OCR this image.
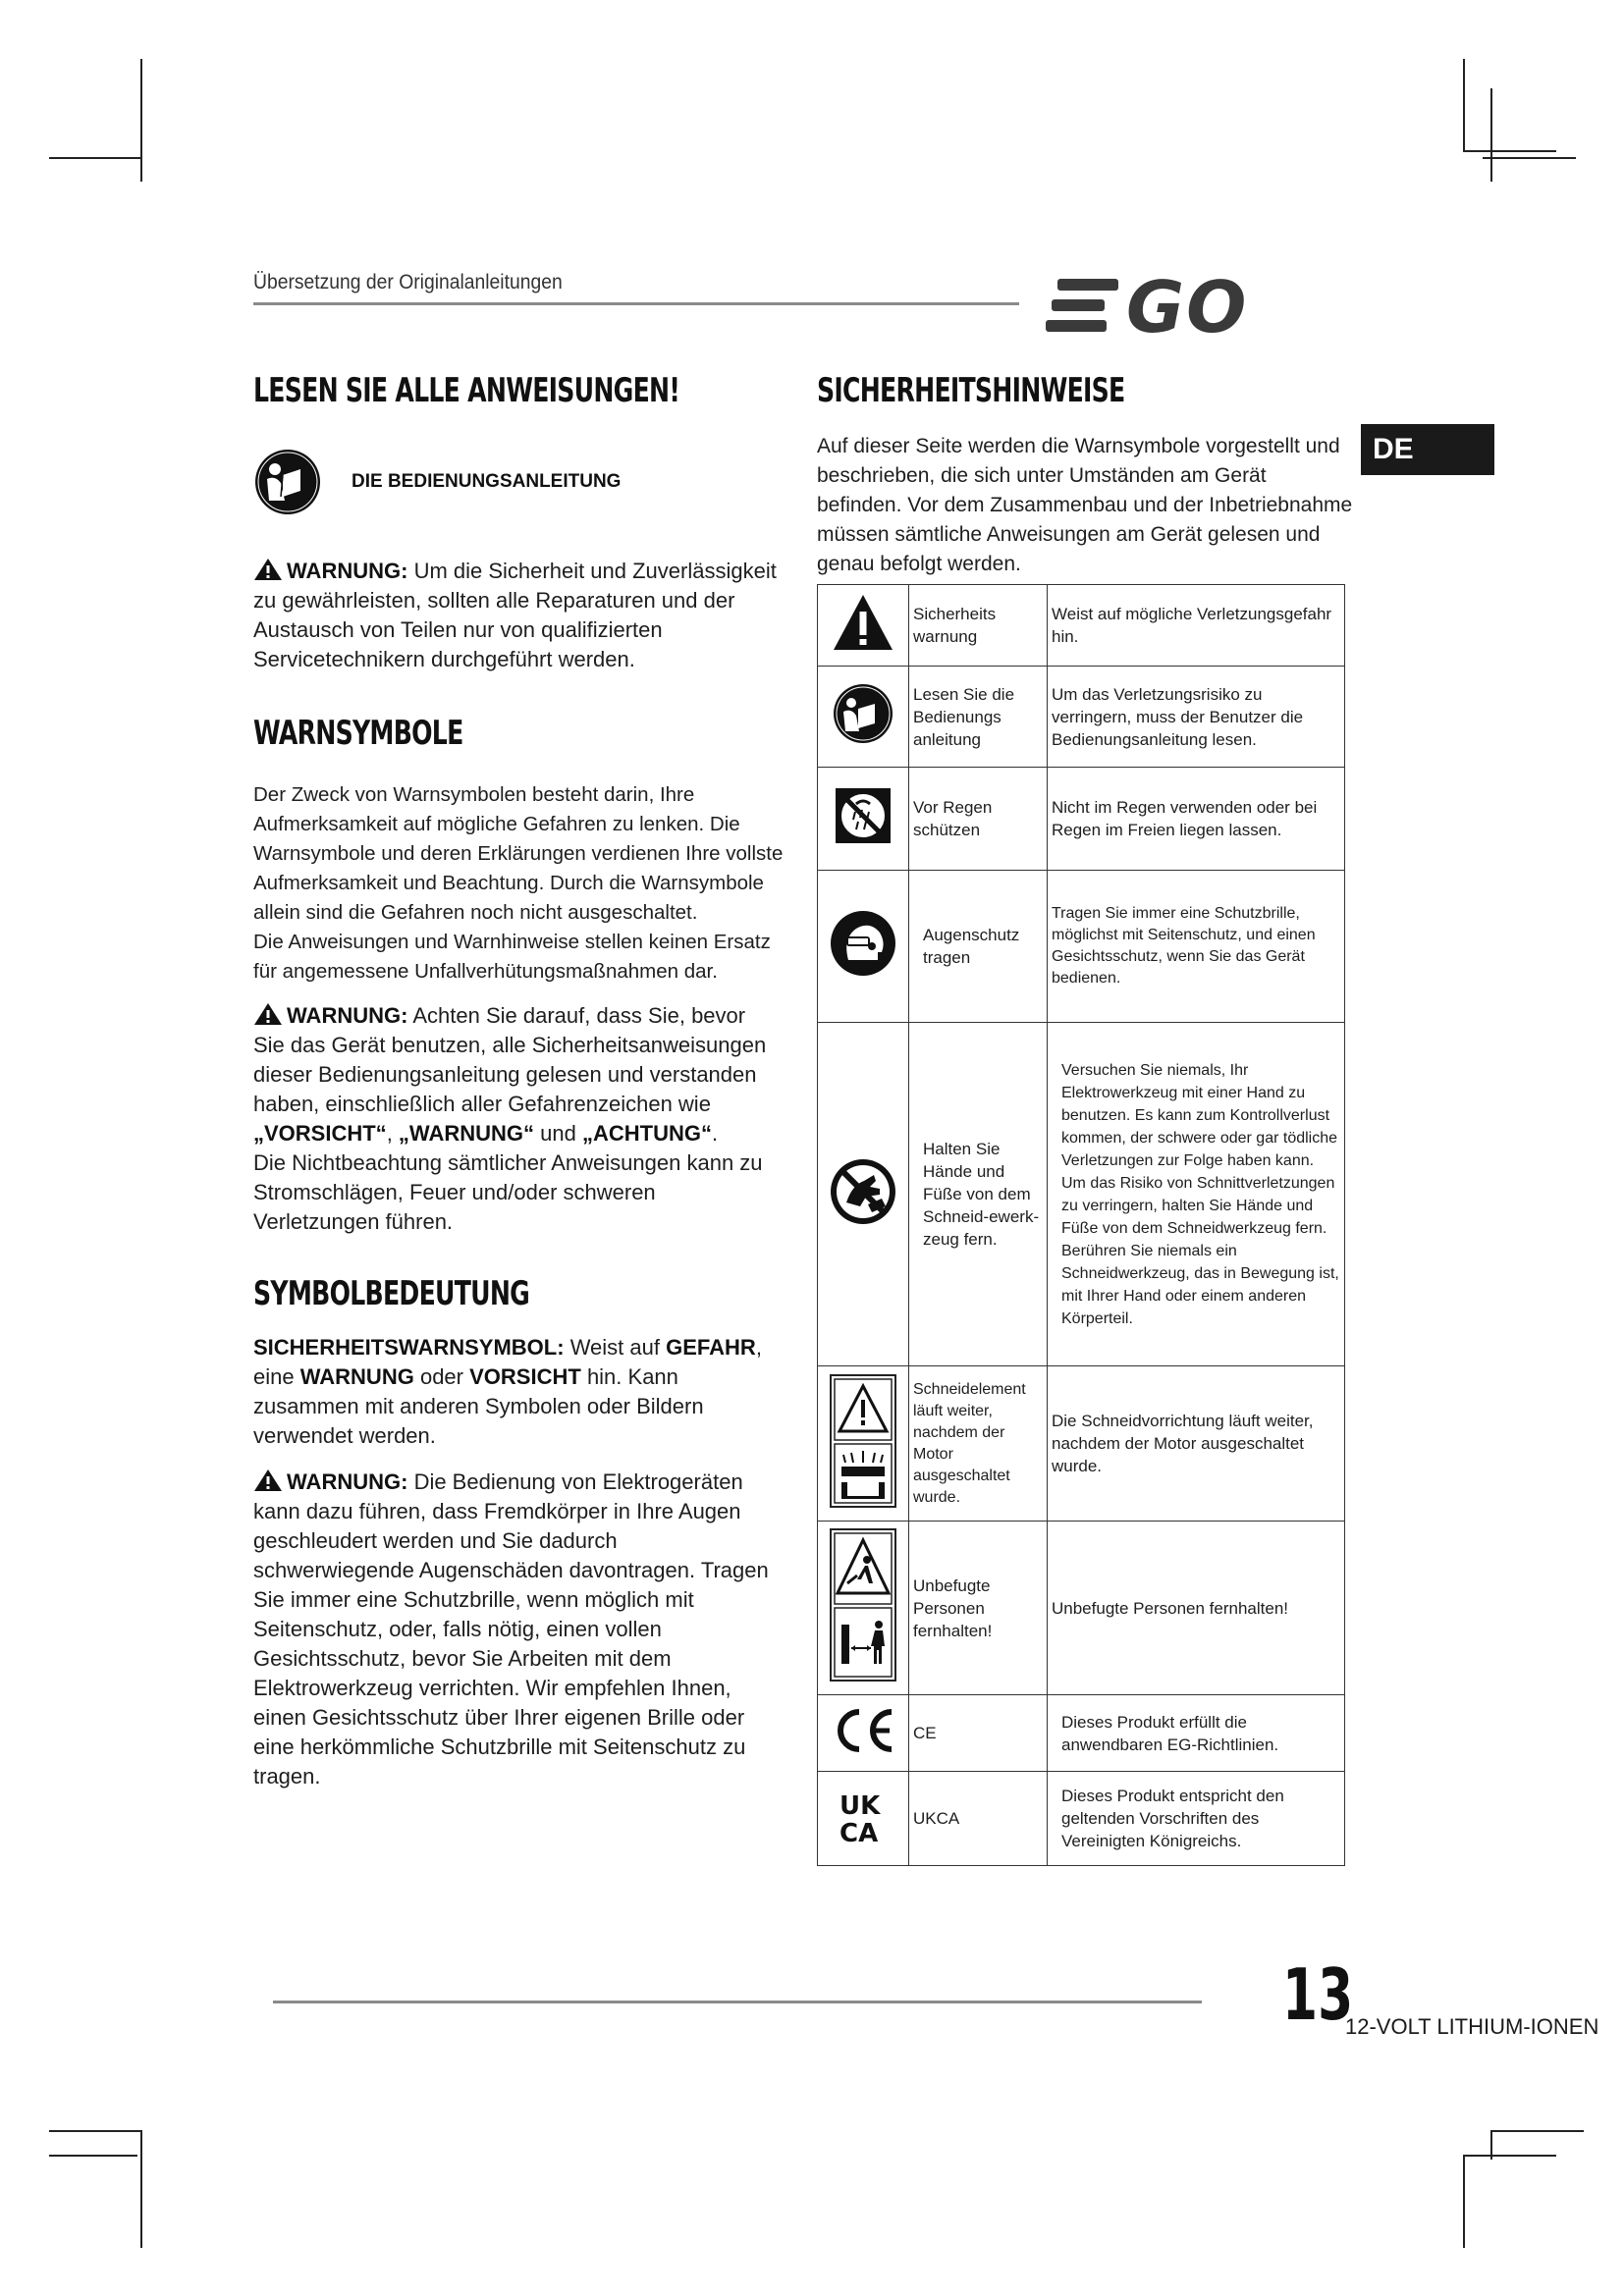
Übersetzung der Originalanleitungen	GO
DE
LESEN SIE ALLE ANWEISUNGEN!
DIE BEDIENUNGSANLEITUNG
WARNUNG: Um die Sicherheit und Zuverlässigkeit zu gewährleisten, sollten alle Reparaturen und der Austausch von Teilen nur von qualifizierten Servicetechnikern durchgeführt werden.
WARNSYMBOLE
Der Zweck von Warnsymbolen besteht darin, Ihre Aufmerksamkeit auf mögliche Gefahren zu lenken. Die Warnsymbole und deren Erklärungen verdienen Ihre vollste Aufmerksamkeit und Beachtung. Durch die Warnsymbole allein sind die Gefahren noch nicht ausgeschaltet.
Die Anweisungen und Warnhinweise stellen keinen Ersatz für angemessene Unfallverhütungsmaßnahmen dar.
WARNUNG: Achten Sie darauf, dass Sie, bevor Sie das Gerät benutzen, alle Sicherheitsanweisungen dieser Bedienungsanleitung gelesen und verstanden haben, einschließlich aller Gefahrenzeichen wie „VORSICHT“, „WARNUNG“ und „ACHTUNG“.
Die Nichtbeachtung sämtlicher Anweisungen kann zu Stromschlägen, Feuer und/oder schweren Verletzungen führen.
SYMBOLBEDEUTUNG
SICHERHEITSWARNSYMBOL: Weist auf GEFAHR, eine WARNUNG oder VORSICHT hin. Kann zusammen mit anderen Symbolen oder Bildern verwendet werden.
WARNUNG: Die Bedienung von Elektrogeräten kann dazu führen, dass Fremdkörper in Ihre Augen geschleudert werden und Sie dadurch schwerwiegende Augenschäden davontragen. Tragen Sie immer eine Schutzbrille, wenn möglich mit Seitenschutz, oder, falls nötig, einen vollen Gesichtsschutz, bevor Sie Arbeiten mit dem Elektrowerkzeug verrichten. Wir empfehlen Ihnen, einen Gesichtsschutz über Ihrer eigenen Brille oder eine herkömmliche Schutzbrille mit Seitenschutz zu tragen.
SICHERHEITSHINWEISE
Auf dieser Seite werden die Warnsymbole vorgestellt und beschrieben, die sich unter Umständen am Gerät befinden. Vor dem Zusammenbau und der Inbetriebnahme müssen sämtliche Anweisungen am Gerät gelesen und genau befolgt werden.
	Sicherheits warnung	Weist auf mögliche Verletzungsgefahr hin.
	Lesen Sie die Bedienungs anleitung	Um das Verletzungsrisiko zu verringern, muss der Benutzer die Bedienungsanleitung lesen.
	Vor Regen schützen	Nicht im Regen verwenden oder bei Regen im Freien liegen lassen.
	Augenschutz tragen	Tragen Sie immer eine Schutzbrille, möglichst mit Seitenschutz, und einen Gesichtsschutz, wenn Sie das Gerät bedienen.
	Halten Sie Hände und Füße von dem Schneid-ewerk-zeug fern.	Versuchen Sie niemals, Ihr Elektrowerkzeug mit einer Hand zu benutzen. Es kann zum Kontrollverlust kommen, der schwere oder gar tödliche Verletzungen zur Folge haben kann. Um das Risiko von Schnittverletzungen zu verringern, halten Sie Hände und Füße von dem Schneidwerkzeug fern. Berühren Sie niemals ein Schneidwerkzeug, das in Bewegung ist, mit Ihrer Hand oder einem anderen Körperteil.
	Schneidelement läuft weiter, nachdem der Motor ausgeschaltet wurde.	Die Schneidvorrichtung läuft weiter, nachdem der Motor ausgeschaltet wurde.
	Unbefugte Personen fernhalten!	Unbefugte Personen fernhalten!
	CE	Dieses Produkt erfüllt die anwendbaren EG-Richtlinien.

UK
CA	UKCA	Dieses Produkt entspricht den geltenden Vorschriften des Vereinigten Königreichs.
13
12-VOLT LITHIUM-IONEN
